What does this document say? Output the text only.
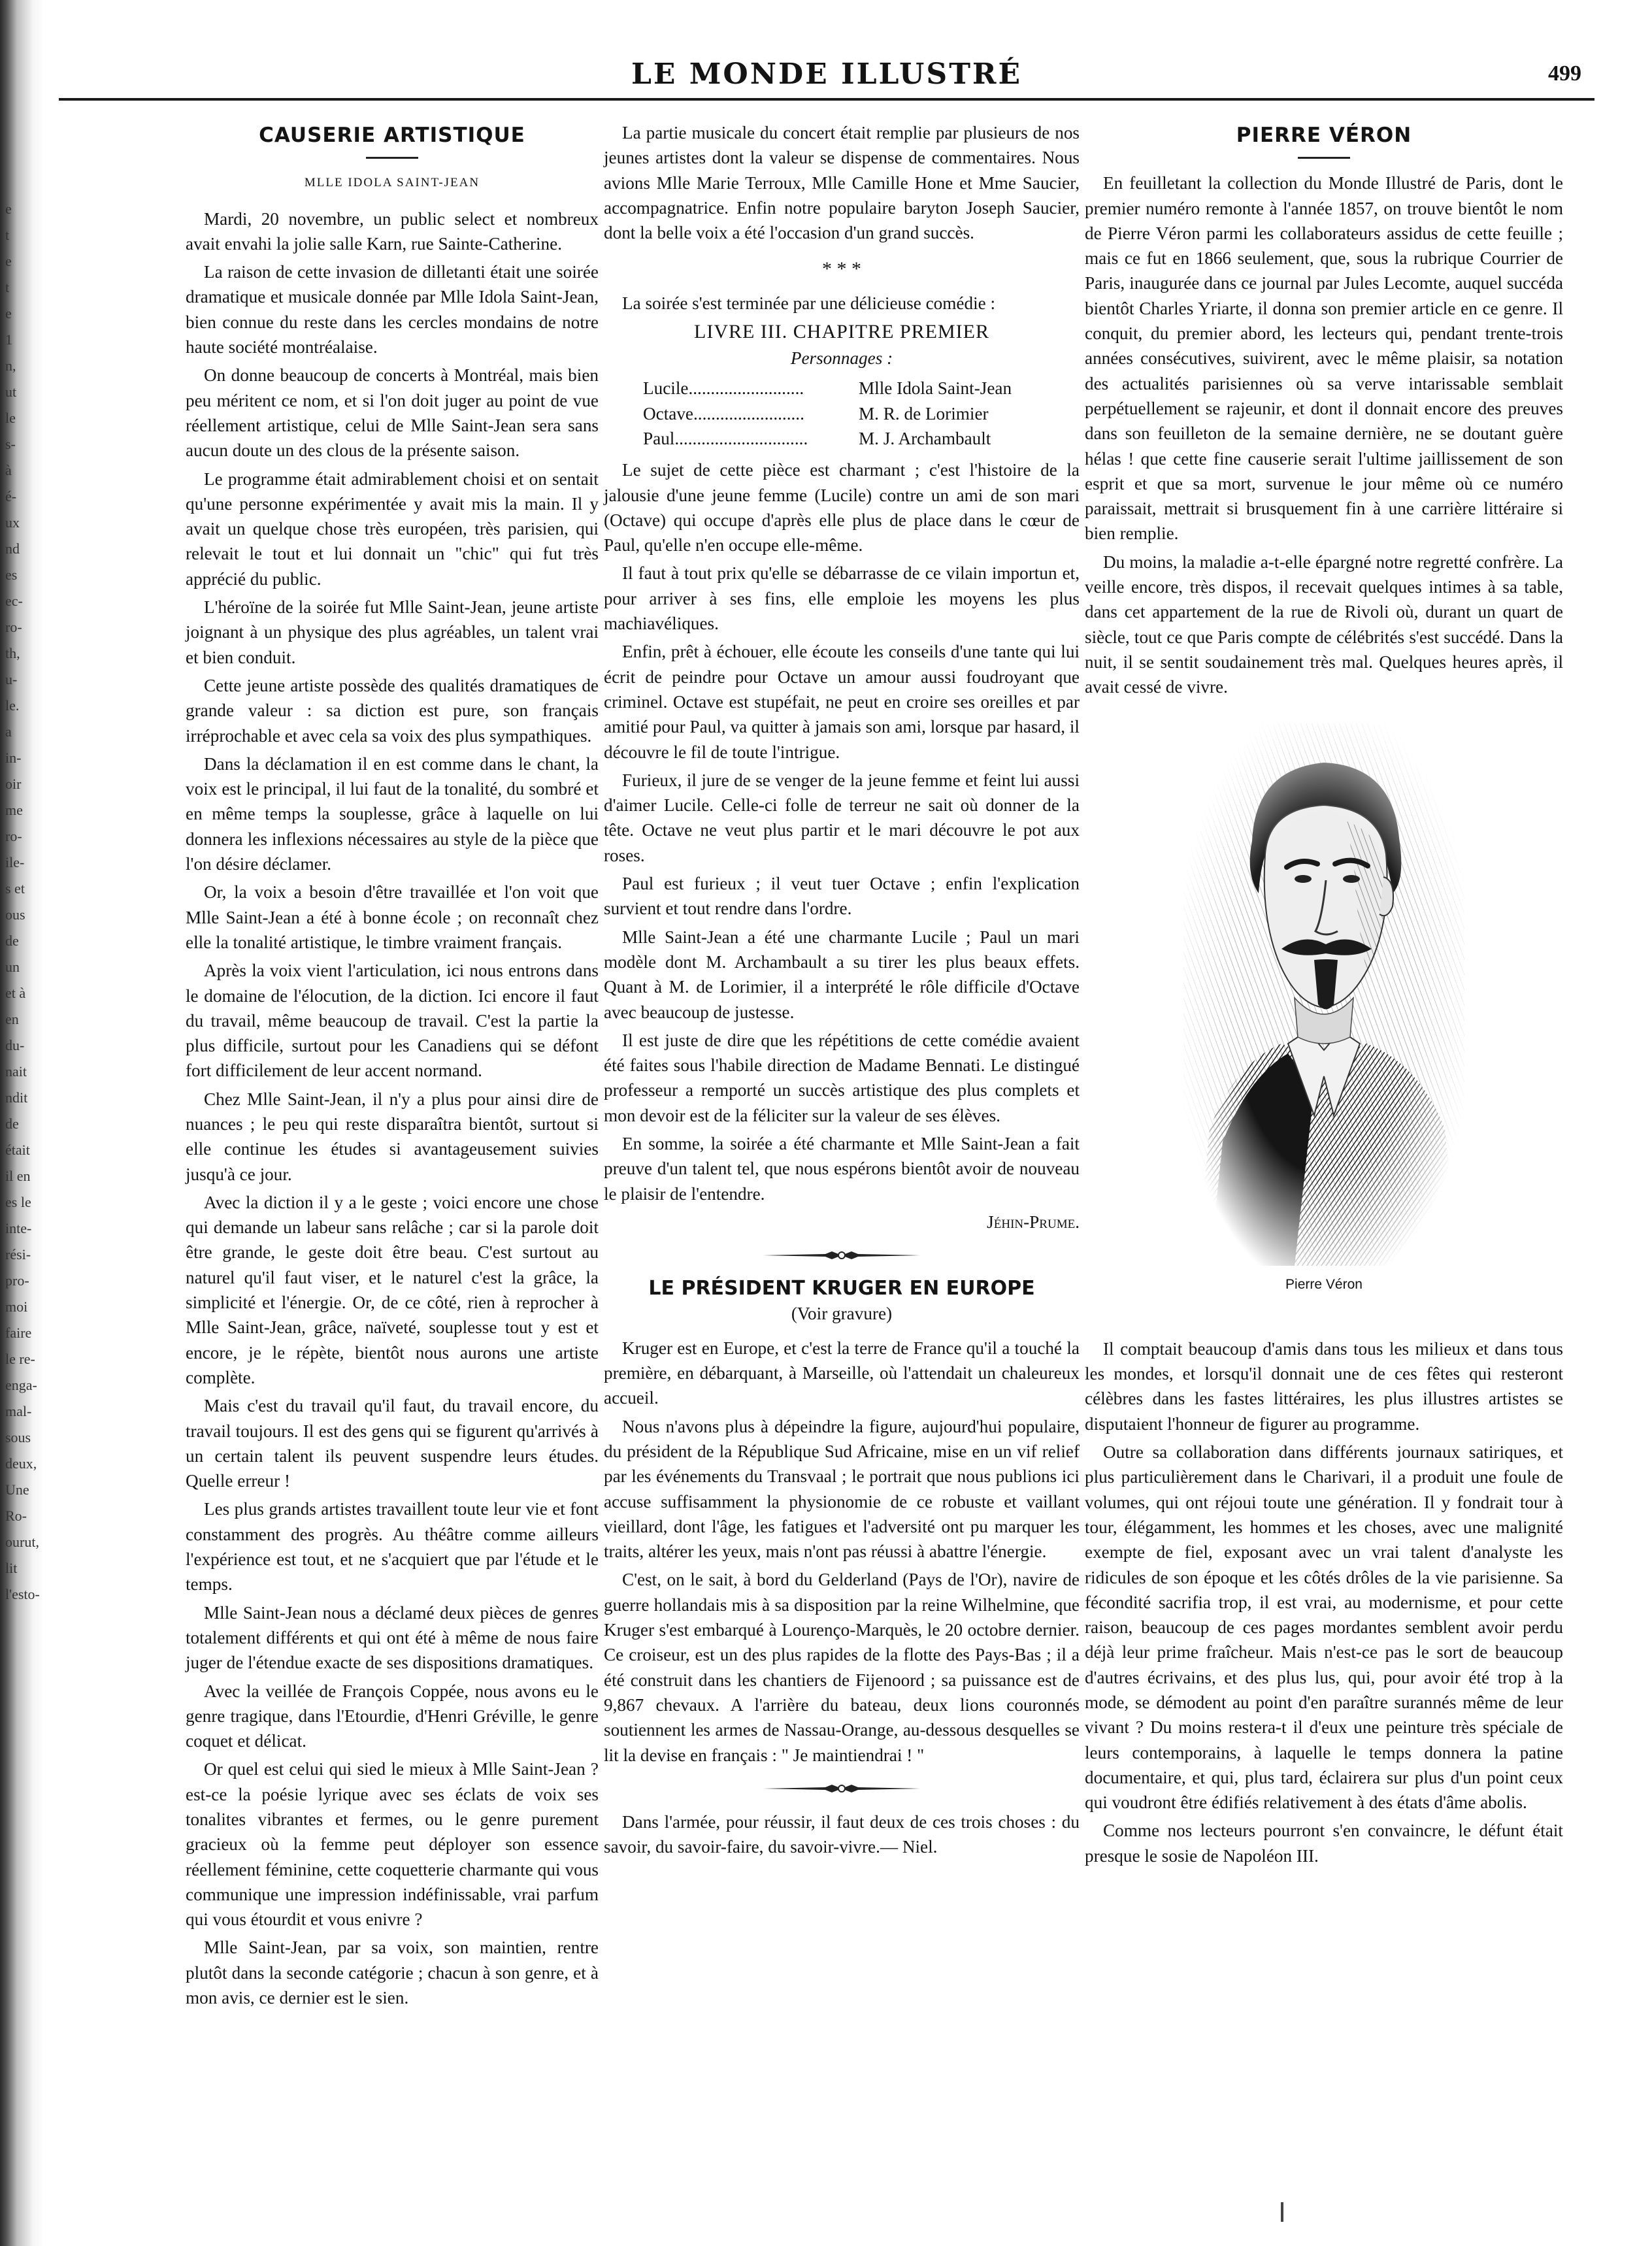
e
t
e
t
e
1
n,
ut
le
s-
à
é-
ux
nd
es
ec-
ro-
th,
u-
le.
a
in-
oir
me
ro-
ile-
s et
ous
de
un
et à
en
du-
nait
ndit
de
était
il en
es le
inte-
rési-
pro-
moi
faire
le re-
enga-
mal-
sous
deux,
Une
Ro-
ourut,
lit
l'esto-
LE MONDE ILLUSTRÉ	499
CAUSERIE ARTISTIQUE
MLLE IDOLA SAINT-JEAN

Mardi, 20 novembre, un public select et nombreux avait envahi la jolie salle Karn, rue Sainte-Catherine.

La raison de cette invasion de dilletanti était une soirée dramatique et musicale donnée par Mlle Idola Saint-Jean, bien connue du reste dans les cercles mondains de notre haute société montréalaise.

On donne beaucoup de concerts à Montréal, mais bien peu méritent ce nom, et si l'on doit juger au point de vue réellement artistique, celui de Mlle Saint-Jean sera sans aucun doute un des clous de la présente saison.

Le programme était admirablement choisi et on sentait qu'une personne expérimentée y avait mis la main. Il y avait un quelque chose très européen, très parisien, qui relevait le tout et lui donnait un "chic" qui fut très apprécié du public.

L'héroïne de la soirée fut Mlle Saint-Jean, jeune artiste joignant à un physique des plus agréables, un talent vrai et bien conduit.

Cette jeune artiste possède des qualités dramatiques de grande valeur : sa diction est pure, son français irréprochable et avec cela sa voix des plus sympathiques.

Dans la déclamation il en est comme dans le chant, la voix est le principal, il lui faut de la tonalité, du sombré et en même temps la souplesse, grâce à laquelle on lui donnera les inflexions nécessaires au style de la pièce que l'on désire déclamer.

Or, la voix a besoin d'être travaillée et l'on voit que Mlle Saint-Jean a été à bonne école ; on reconnaît chez elle la tonalité artistique, le timbre vraiment français.

Après la voix vient l'articulation, ici nous entrons dans le domaine de l'élocution, de la diction. Ici encore il faut du travail, même beaucoup de travail. C'est la partie la plus difficile, surtout pour les Canadiens qui se défont fort difficilement de leur accent normand.

Chez Mlle Saint-Jean, il n'y a plus pour ainsi dire de nuances ; le peu qui reste disparaîtra bientôt, surtout si elle continue les études si avantageusement suivies jusqu'à ce jour.

Avec la diction il y a le geste ; voici encore une chose qui demande un labeur sans relâche ; car si la parole doit être grande, le geste doit être beau. C'est surtout au naturel qu'il faut viser, et le naturel c'est la grâce, la simplicité et l'énergie. Or, de ce côté, rien à reprocher à Mlle Saint-Jean, grâce, naïveté, souplesse tout y est et encore, je le répète, bientôt nous aurons une artiste complète.

Mais c'est du travail qu'il faut, du travail encore, du travail toujours. Il est des gens qui se figurent qu'arrivés à un certain talent ils peuvent suspendre leurs études. Quelle erreur !

Les plus grands artistes travaillent toute leur vie et font constamment des progrès. Au théâtre comme ailleurs l'expérience est tout, et ne s'acquiert que par l'étude et le temps.

Mlle Saint-Jean nous a déclamé deux pièces de genres totalement différents et qui ont été à même de nous faire juger de l'étendue exacte de ses dispositions dramatiques.

Avec la veillée de François Coppée, nous avons eu le genre tragique, dans l'Etourdie, d'Henri Gréville, le genre coquet et délicat.

Or quel est celui qui sied le mieux à Mlle Saint-Jean ? est-ce la poésie lyrique avec ses éclats de voix ses tonalites vibrantes et fermes, ou le genre purement gracieux où la femme peut déployer son essence réellement féminine, cette coquetterie charmante qui vous communique une impression indéfinissable, vrai parfum qui vous étourdit et vous enivre ?

Mlle Saint-Jean, par sa voix, son maintien, rentre plutôt dans la seconde catégorie ; chacun à son genre, et à mon avis, ce dernier est le sien.

La partie musicale du concert était remplie par plusieurs de nos jeunes artistes dont la valeur se dispense de commentaires. Nous avions Mlle Marie Terroux, Mlle Camille Hone et Mme Saucier, accompagnatrice. Enfin notre populaire baryton Joseph Saucier, dont la belle voix a été l'occasion d'un grand succès.

* * *

La soirée s'est terminée par une délicieuse comédie :

LIVRE III. CHAPITRE PREMIER
Personnages :
Lucile..........................	Mlle Idola Saint-Jean
Octave.........................	M. R. de Lorimier
Paul..............................	M. J. Archambault

Le sujet de cette pièce est charmant ; c'est l'histoire de la jalousie d'une jeune femme (Lucile) contre un ami de son mari (Octave) qui occupe d'après elle plus de place dans le cœur de Paul, qu'elle n'en occupe elle-même.

Il faut à tout prix qu'elle se débarrasse de ce vilain importun et, pour arriver à ses fins, elle emploie les moyens les plus machiavéliques.

Enfin, prêt à échouer, elle écoute les conseils d'une tante qui lui écrit de peindre pour Octave un amour aussi foudroyant que criminel. Octave est stupéfait, ne peut en croire ses oreilles et par amitié pour Paul, va quitter à jamais son ami, lorsque par hasard, il découvre le fil de toute l'intrigue.

Furieux, il jure de se venger de la jeune femme et feint lui aussi d'aimer Lucile. Celle-ci folle de terreur ne sait où donner de la tête. Octave ne veut plus partir et le mari découvre le pot aux roses.

Paul est furieux ; il veut tuer Octave ; enfin l'explication survient et tout rendre dans l'ordre.

Mlle Saint-Jean a été une charmante Lucile ; Paul un mari modèle dont M. Archambault a su tirer les plus beaux effets. Quant à M. de Lorimier, il a interprété le rôle difficile d'Octave avec beaucoup de justesse.

Il est juste de dire que les répétitions de cette comédie avaient été faites sous l'habile direction de Madame Bennati. Le distingué professeur a remporté un succès artistique des plus complets et mon devoir est de la féliciter sur la valeur de ses élèves.

En somme, la soirée a été charmante et Mlle Saint-Jean a fait preuve d'un talent tel, que nous espérons bientôt avoir de nouveau le plaisir de l'entendre.

Jéhin-Prume.
LE PRÉSIDENT KRUGER EN EUROPE
(Voir gravure)

Kruger est en Europe, et c'est la terre de France qu'il a touché la première, en débarquant, à Marseille, où l'attendait un chaleureux accueil.

Nous n'avons plus à dépeindre la figure, aujourd'hui populaire, du président de la République Sud Africaine, mise en un vif relief par les événements du Transvaal ; le portrait que nous publions ici accuse suffisamment la physionomie de ce robuste et vaillant vieillard, dont l'âge, les fatigues et l'adversité ont pu marquer les traits, altérer les yeux, mais n'ont pas réussi à abattre l'énergie.

C'est, on le sait, à bord du Gelderland (Pays de l'Or), navire de guerre hollandais mis à sa disposition par la reine Wilhelmine, que Kruger s'est embarqué à Lourenço-Marquès, le 20 octobre dernier. Ce croiseur, est un des plus rapides de la flotte des Pays-Bas ; il a été construit dans les chantiers de Fijenoord ; sa puissance est de 9,867 chevaux. A l'arrière du bateau, deux lions couronnés soutiennent les armes de Nassau-Orange, au-dessous desquelles se lit la devise en français : " Je maintiendrai ! "

Dans l'armée, pour réussir, il faut deux de ces trois choses : du savoir, du savoir-faire, du savoir-vivre.— Niel.

PIERRE VÉRON

En feuilletant la collection du Monde Illustré de Paris, dont le premier numéro remonte à l'année 1857, on trouve bientôt le nom de Pierre Véron parmi les collaborateurs assidus de cette feuille ; mais ce fut en 1866 seulement, que, sous la rubrique Courrier de Paris, inaugurée dans ce journal par Jules Lecomte, auquel succéda bientôt Charles Yriarte, il donna son premier article en ce genre. Il conquit, du premier abord, les lecteurs qui, pendant trente-trois années consécutives, suivirent, avec le même plaisir, sa notation des actualités parisiennes où sa verve intarissable semblait perpétuellement se rajeunir, et dont il donnait encore des preuves dans son feuilleton de la semaine dernière, ne se doutant guère hélas ! que cette fine causerie serait l'ultime jaillissement de son esprit et que sa mort, survenue le jour même où ce numéro paraissait, mettrait si brusquement fin à une carrière littéraire si bien remplie.

Du moins, la maladie a-t-elle épargné notre regretté confrère. La veille encore, très dispos, il recevait quelques intimes à sa table, dans cet appartement de la rue de Rivoli où, durant un quart de siècle, tout ce que Paris compte de célébrités s'est succédé. Dans la nuit, il se sentit soudainement très mal. Quelques heures après, il avait cessé de vivre.

Pierre Véron

Il comptait beaucoup d'amis dans tous les milieux et dans tous les mondes, et lorsqu'il donnait une de ces fêtes qui resteront célèbres dans les fastes littéraires, les plus illustres artistes se disputaient l'honneur de figurer au programme.

Outre sa collaboration dans différents journaux satiriques, et plus particulièrement dans le Charivari, il a produit une foule de volumes, qui ont réjoui toute une génération. Il y fondrait tour à tour, élégamment, les hommes et les choses, avec une malignité exempte de fiel, exposant avec un vrai talent d'analyste les ridicules de son époque et les côtés drôles de la vie parisienne. Sa fécondité sacrifia trop, il est vrai, au modernisme, et pour cette raison, beaucoup de ces pages mordantes semblent avoir perdu déjà leur prime fraîcheur. Mais n'est-ce pas le sort de beaucoup d'autres écrivains, et des plus lus, qui, pour avoir été trop à la mode, se démodent au point d'en paraître surannés même de leur vivant ? Du moins restera-t il d'eux une peinture très spéciale de leurs contemporains, à laquelle le temps donnera la patine documentaire, et qui, plus tard, éclairera sur plus d'un point ceux qui voudront être édifiés relativement à des états d'âme abolis.

Comme nos lecteurs pourront s'en convaincre, le défunt était presque le sosie de Napoléon III.
